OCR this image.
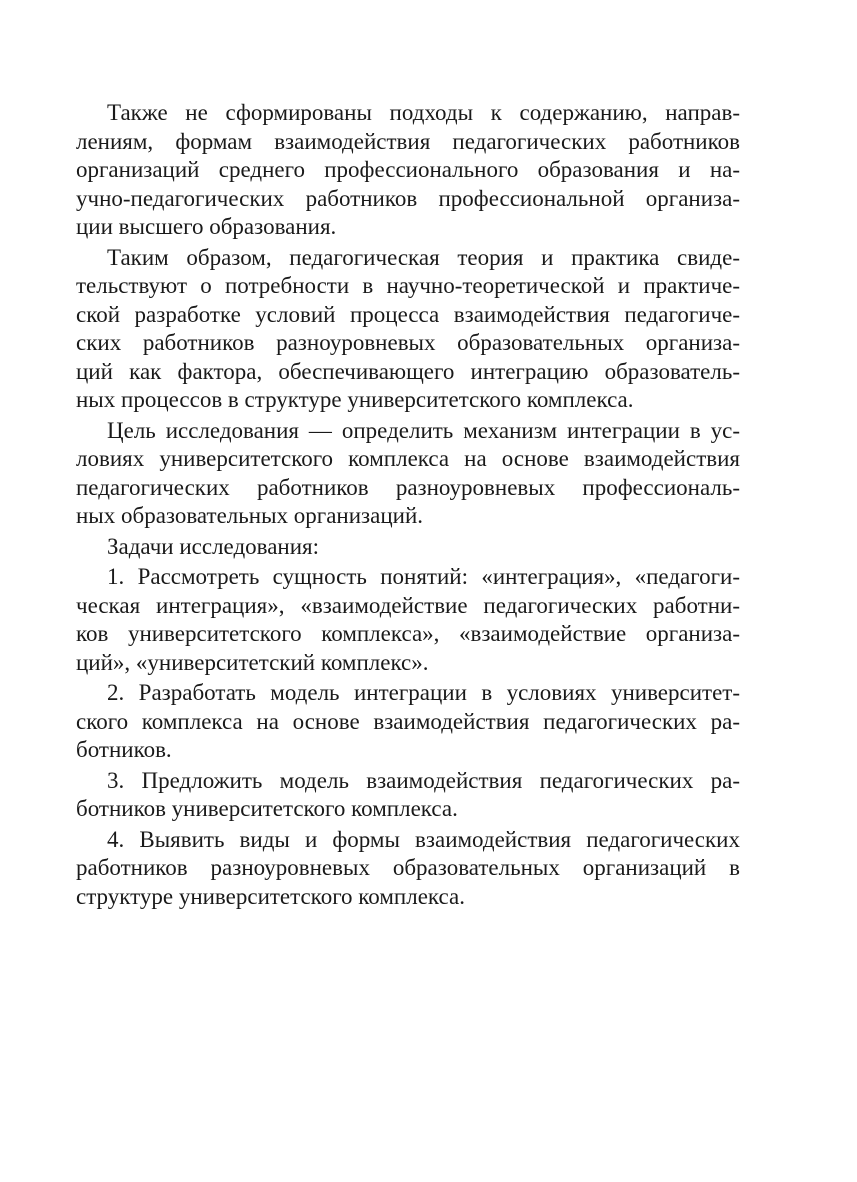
Также не сформированы подходы к содержанию, направ-
лениям, формам взаимодействия педагогических работников
организаций среднего профессионального образования и на-
учно-педагогических работников профессиональной организа-
ции высшего образования.

Таким образом, педагогическая теория и практика свиде-
тельствуют о потребности в научно-теоретической и практиче-
ской разработке условий процесса взаимодействия педагогиче-
ских работников разноуровневых образовательных организа-
ций как фактора, обеспечивающего интеграцию образователь-
ных процессов в структуре университетского комплекса.

Цель исследования — определить механизм интеграции в ус-
ловиях университетского комплекса на основе взаимодействия
педагогических работников разноуровневых профессиональ-
ных образовательных организаций.

Задачи исследования:

1. Рассмотреть сущность понятий: «интеграция», «педагоги-
ческая интеграция», «взаимодействие педагогических работни-
ков университетского комплекса», «взаимодействие организа-
ций», «университетский комплекс».

2. Разработать модель интеграции в условиях университет-
ского комплекса на основе взаимодействия педагогических ра-
ботников.

3. Предложить модель взаимодействия педагогических ра-
ботников университетского комплекса.

4. Выявить виды и формы взаимодействия педагогических
работников разноуровневых образовательных организаций в
структуре университетского комплекса.
